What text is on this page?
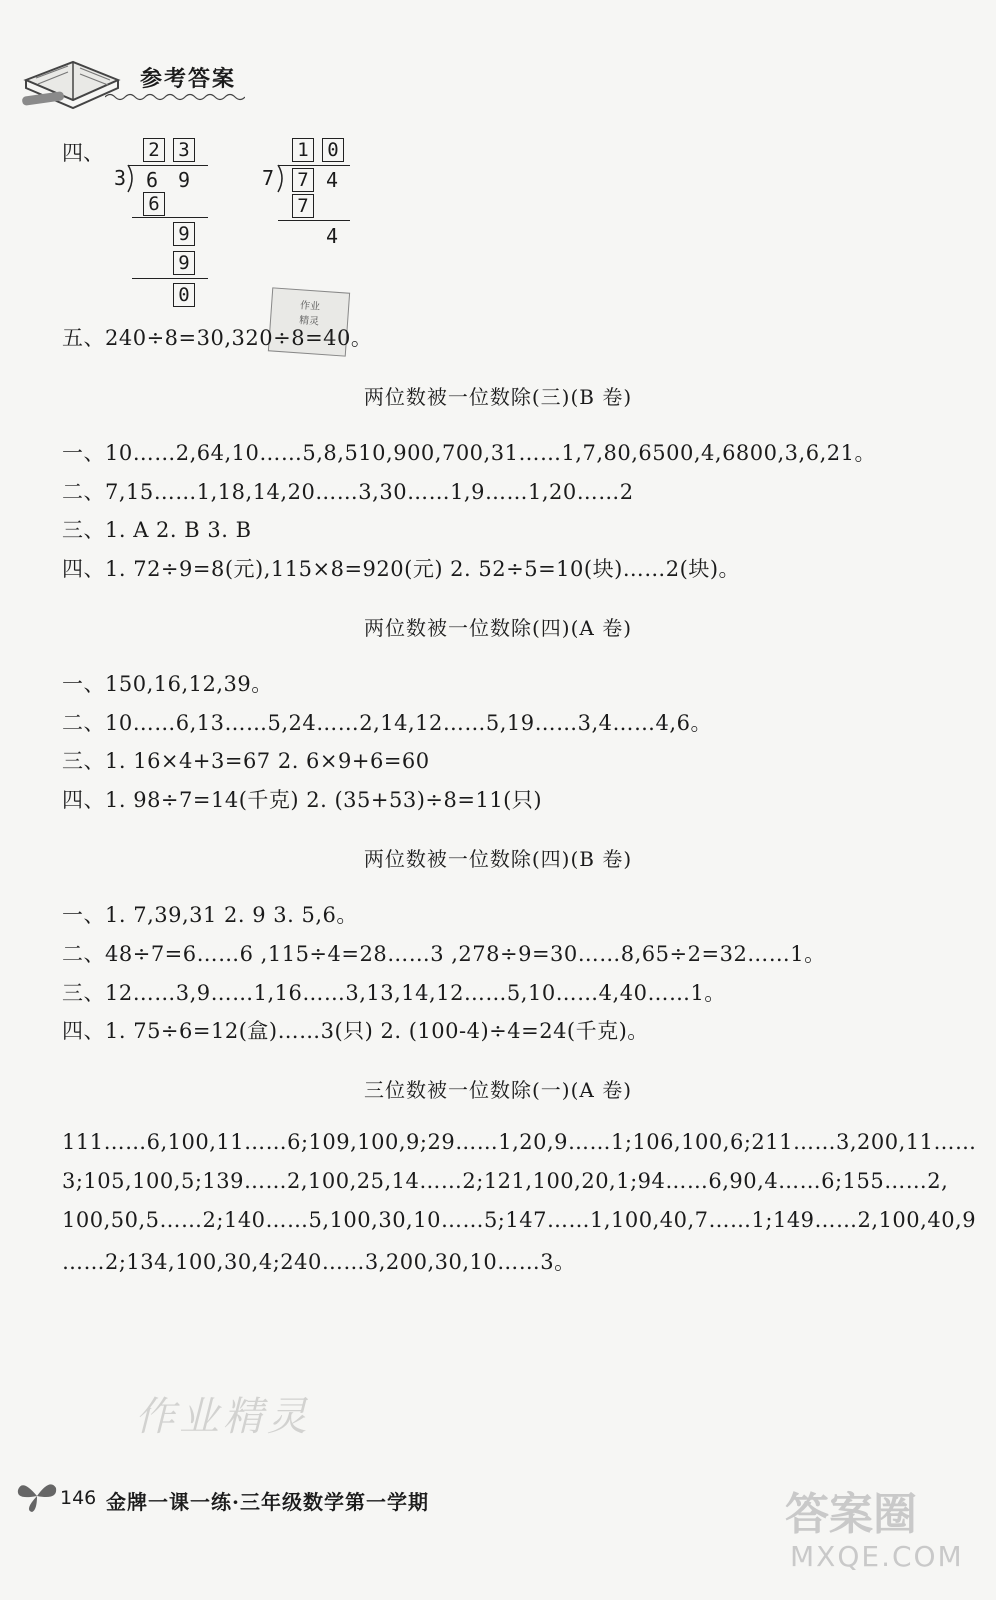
参考答案
四、 2 3
3 6 9
6
9
9
0
1 0
7 7 4
7
4
作业
精灵
五、240÷8=30,320÷8=40。
两位数被一位数除(三)(B 卷)
一、10……2,64,10……5,8,510,900,700,31……1,7,80,6500,4,6800,3,6,21。
二、7,15……1,18,14,20……3,30……1,9……1,20……2
三、1. A 2. B 3. B
四、1. 72÷9=8(元),115×8=920(元) 2. 52÷5=10(块)……2(块)。
两位数被一位数除(四)(A 卷)
一、150,16,12,39。
二、10……6,13……5,24……2,14,12……5,19……3,4……4,6。
三、1. 16×4+3=67 2. 6×9+6=60
四、1. 98÷7=14(千克) 2. (35+53)÷8=11(只)
两位数被一位数除(四)(B 卷)
一、1. 7,39,31 2. 9 3. 5,6。
二、48÷7=6……6 ,115÷4=28……3 ,278÷9=30……8,65÷2=32……1。
三、12……3,9……1,16……3,13,14,12……5,10……4,40……1。
四、1. 75÷6=12(盒)……3(只) 2. (100-4)÷4=24(千克)。
三位数被一位数除(一)(A 卷)
111……6,100,11……6;109,100,9;29……1,20,9……1;106,100,6;211……3,200,11……
3;105,100,5;139……2,100,25,14……2;121,100,20,1;94……6,90,4……6;155……2,
100,50,5……2;140……5,100,30,10……5;147……1,100,40,7……1;149……2,100,40,9
……2;134,100,30,4;240……3,200,30,10……3。
作业精灵
146 金牌一课一练·三年级数学第一学期	答案圈
MXQE.COM
